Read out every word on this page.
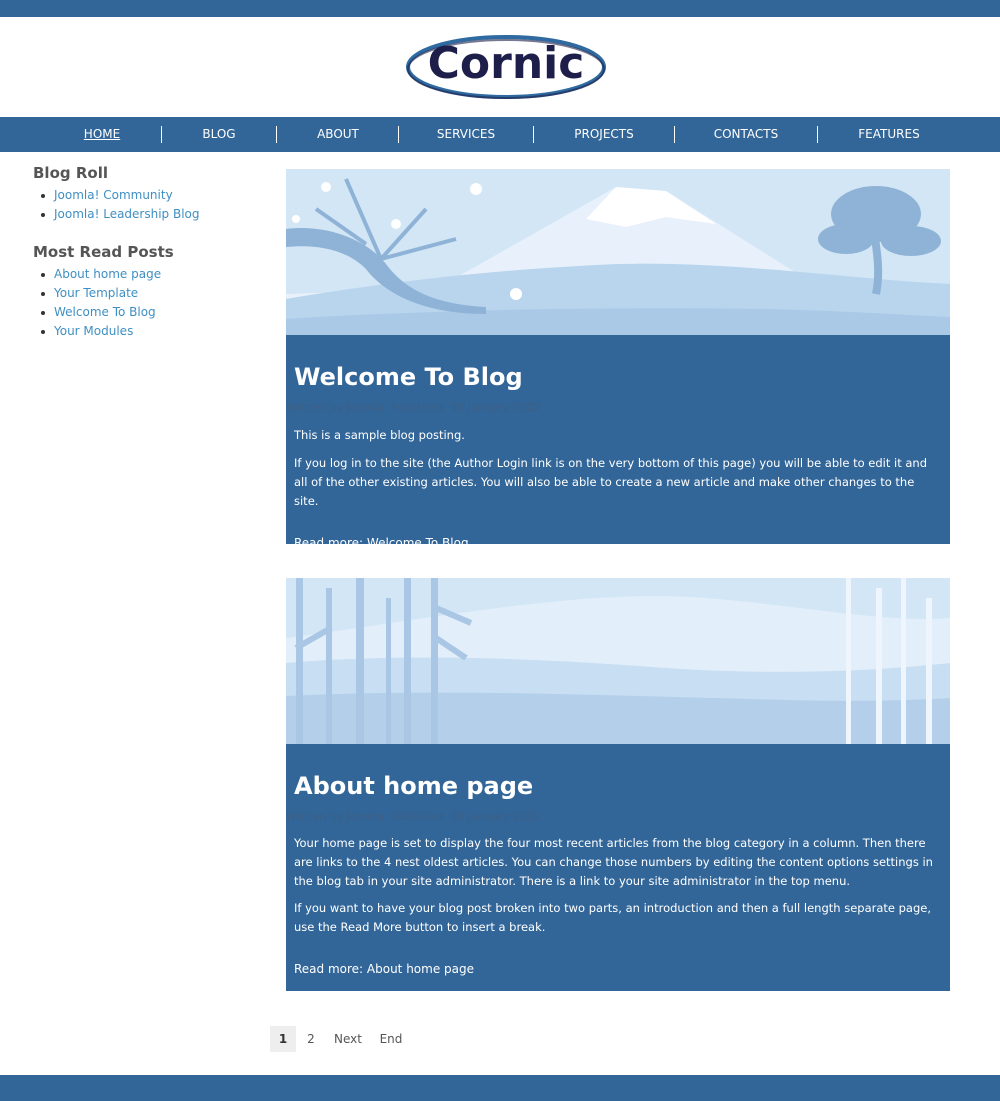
Cornic
HOME	BLOG	ABOUT	SERVICES	PROJECTS	CONTACTS	FEATURES
Blog Roll
Joomla! Community
Joomla! Leadership Blog
Most Read Posts
About home page
Your Template
Welcome To Blog
Your Modules
Welcome To Blog
Written by Joomla Published: 05 January 2012

This is a sample blog posting.

If you log in to the site (the Author Login link is on the very bottom of this page) you will be able to edit it and all of the other existing articles. You will also be able to create a new article and make other changes to the site.

Read more: Welcome To Blog
About home page
Written by Joomla Published: 03 January 2012

Your home page is set to display the four most recent articles from the blog category in a column. Then there are links to the 4 nest oldest articles. You can change those numbers by editing the content options settings in the blog tab in your site administrator. There is a link to your site administrator in the top menu.

If you want to have your blog post broken into two parts, an introduction and then a full length separate page, use the Read More button to insert a break.

Read more: About home page
1	2	Next	End
